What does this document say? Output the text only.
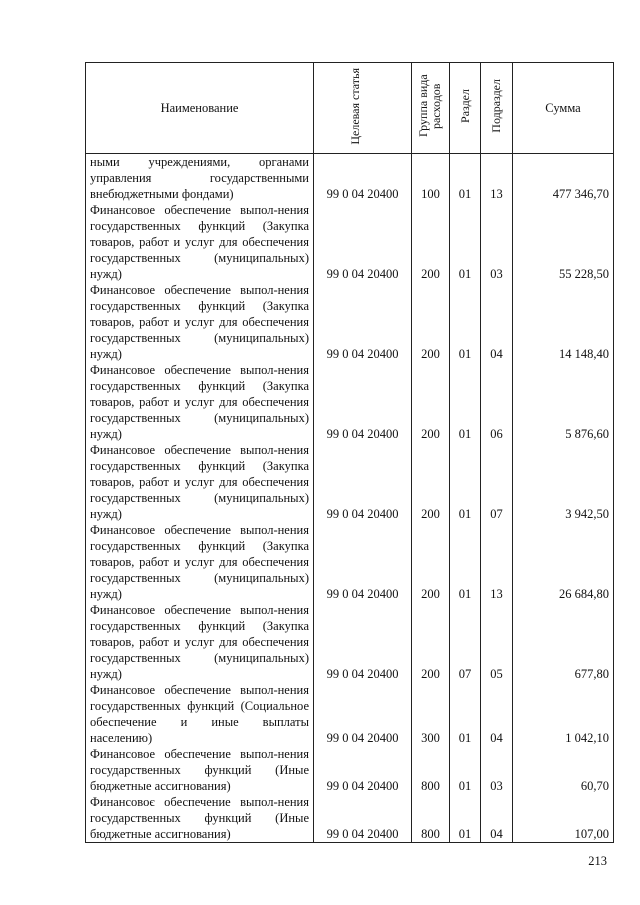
Наименование	Целевая статья	Группа вида расходов	Раздел	Подраздел	Сумма
ными учреждениями, органами управления государственными внебюджетными фондами)	99 0 04 20400	100	01	13	477 346,70
Финансовое обеспечение выпол-нения государственных функций (Закупка товаров, работ и услуг для обеспечения государственных (муниципальных) нужд)	99 0 04 20400	200	01	03	55 228,50
Финансовое обеспечение выпол-нения государственных функций (Закупка товаров, работ и услуг для обеспечения государственных (муниципальных) нужд)	99 0 04 20400	200	01	04	14 148,40
Финансовое обеспечение выпол-нения государственных функций (Закупка товаров, работ и услуг для обеспечения государственных (муниципальных) нужд)	99 0 04 20400	200	01	06	5 876,60
Финансовое обеспечение выпол-нения государственных функций (Закупка товаров, работ и услуг для обеспечения государственных (муниципальных) нужд)	99 0 04 20400	200	01	07	3 942,50
Финансовое обеспечение выпол-нения государственных функций (Закупка товаров, работ и услуг для обеспечения государственных (муниципальных) нужд)	99 0 04 20400	200	01	13	26 684,80
Финансовое обеспечение выпол-нения государственных функций (Закупка товаров, работ и услуг для обеспечения государственных (муниципальных) нужд)	99 0 04 20400	200	07	05	677,80
Финансовое обеспечение выпол-нения государственных функций (Социальное обеспечение и иные выплаты населению)	99 0 04 20400	300	01	04	1 042,10
Финансовое обеспечение выпол-нения государственных функций (Иные бюджетные ассигнования)	99 0 04 20400	800	01	03	60,70
Финансовоє обеспечение выпол-нения государственных функций (Иные бюджетные ассигнования)	99 0 04 20400	800	01	04	107,00
213
